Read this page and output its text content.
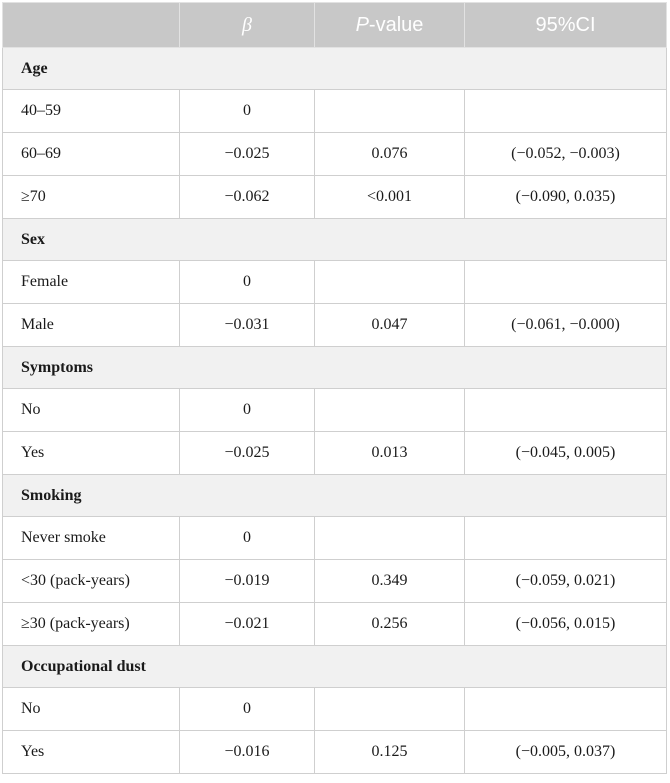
	β	P-value	95%CI
Age			
40–59	0		
60–69	−0.025	0.076	(−0.052, −0.003)
≥70	−0.062	<0.001	(−0.090, 0.035)
Sex			
Female	0		
Male	−0.031	0.047	(−0.061, −0.000)
Symptoms			
No	0		
Yes	−0.025	0.013	(−0.045, 0.005)
Smoking			
Never smoke	0		
<30 (pack-years)	−0.019	0.349	(−0.059, 0.021)
≥30 (pack-years)	−0.021	0.256	(−0.056, 0.015)
Occupational dust			
No	0		
Yes	−0.016	0.125	(−0.005, 0.037)
